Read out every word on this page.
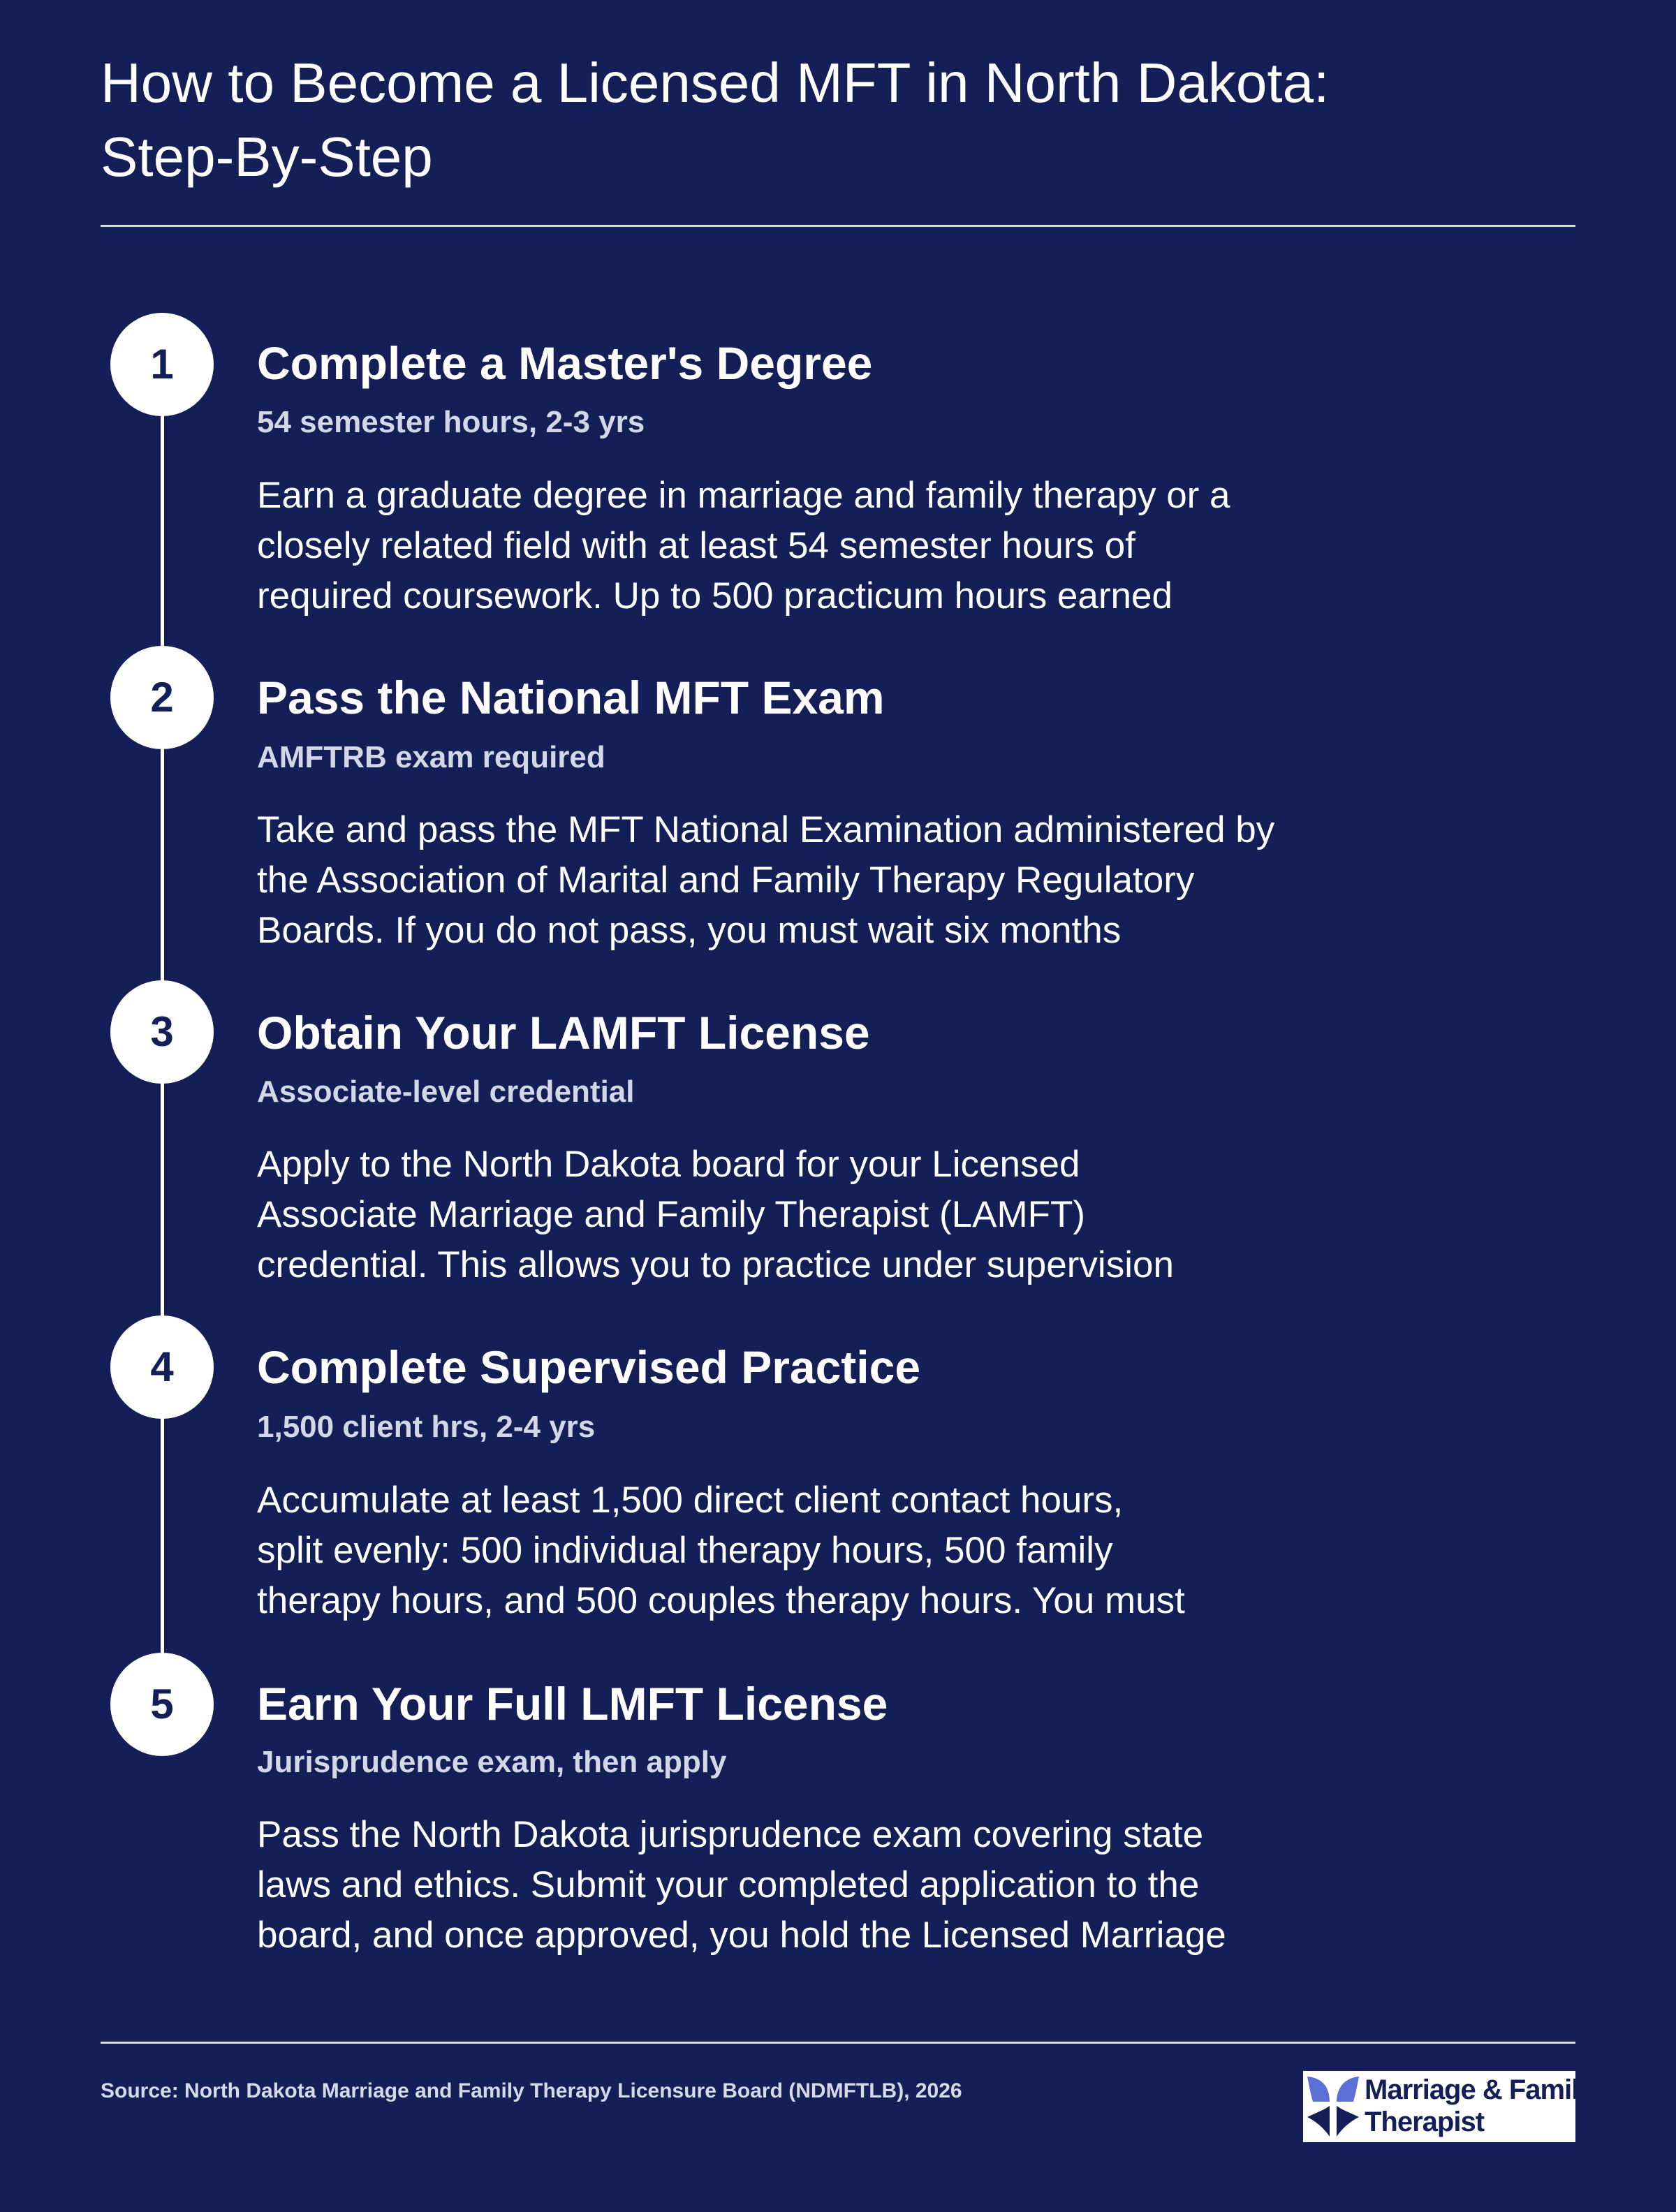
How to Become a Licensed MFT in North Dakota:
Step-By-Step
1	Complete a Master's Degree
54 semester hours, 2-3 yrs
Earn a graduate degree in marriage and family therapy or a
closely related field with at least 54 semester hours of
required coursework. Up to 500 practicum hours earned
2	Pass the National MFT Exam
AMFTRB exam required
Take and pass the MFT National Examination administered by
the Association of Marital and Family Therapy Regulatory
Boards. If you do not pass, you must wait six months
3	Obtain Your LAMFT License
Associate-level credential
Apply to the North Dakota board for your Licensed
Associate Marriage and Family Therapist (LAMFT)
credential. This allows you to practice under supervision
4	Complete Supervised Practice
1,500 client hrs, 2-4 yrs
Accumulate at least 1,500 direct client contact hours,
split evenly: 500 individual therapy hours, 500 family
therapy hours, and 500 couples therapy hours. You must
5	Earn Your Full LMFT License
Jurisprudence exam, then apply
Pass the North Dakota jurisprudence exam covering state
laws and ethics. Submit your completed application to the
board, and once approved, you hold the Licensed Marriage
Source: North Dakota Marriage and Family Therapy Licensure Board (NDMFTLB), 2026	Marriage & Family
Therapist
